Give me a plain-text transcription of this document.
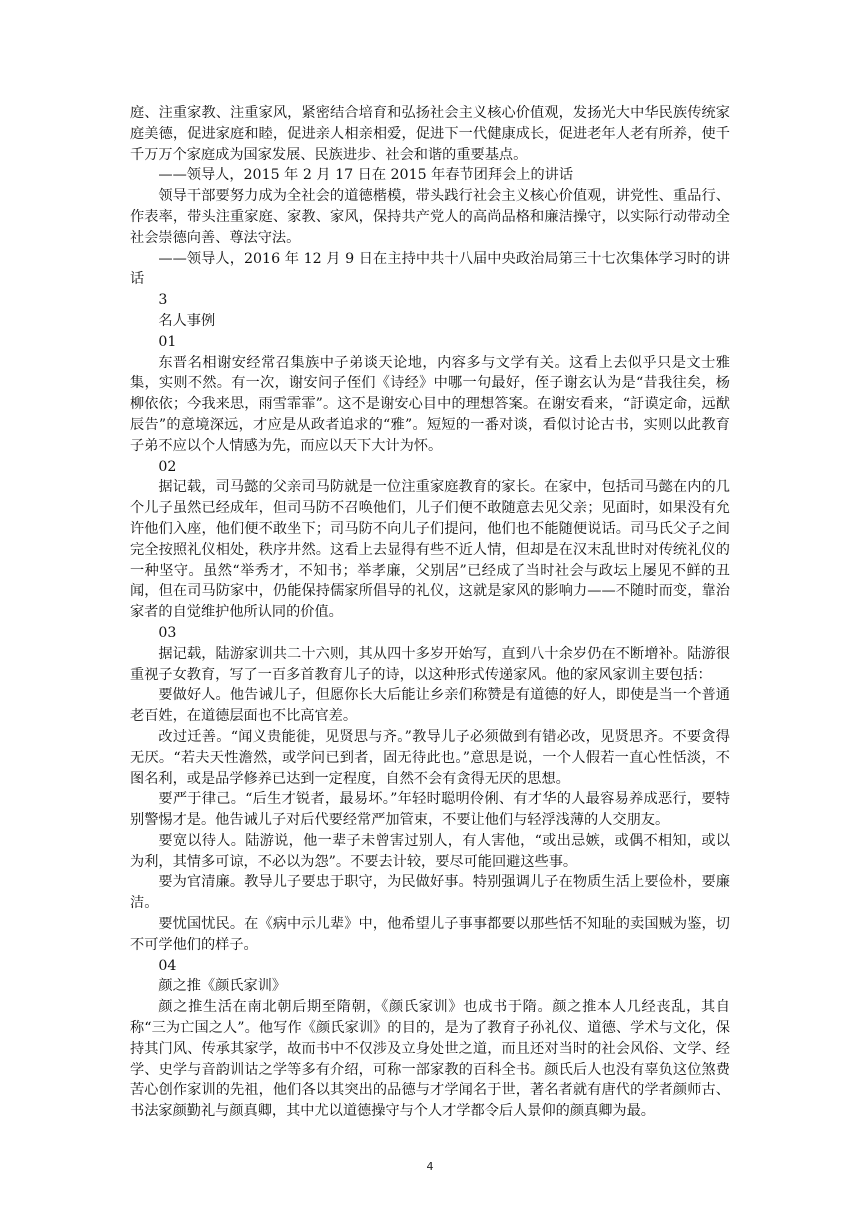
庭、注重家教、注重家风，紧密结合培育和弘扬社会主义核心价值观，发扬光大中华民族传统家庭美德，促进家庭和睦，促进亲人相亲相爱，促进下一代健康成长，促进老年人老有所养，使千千万万个家庭成为国家发展、民族进步、社会和谐的重要基点。

——领导人，2015 年 2 月 17 日在 2015 年春节团拜会上的讲话

领导干部要努力成为全社会的道德楷模，带头践行社会主义核心价值观，讲党性、重品行、作表率，带头注重家庭、家教、家风，保持共产党人的高尚品格和廉洁操守，以实际行动带动全社会崇德向善、尊法守法。

——领导人，2016 年 12 月 9 日在主持中共十八届中央政治局第三十七次集体学习时的讲话

3

名人事例

01

东晋名相谢安经常召集族中子弟谈天论地，内容多与文学有关。这看上去似乎只是文士雅集，实则不然。有一次，谢安问子侄们《诗经》中哪一句最好，侄子谢玄认为是“昔我往矣，杨柳依依；今我来思，雨雪霏霏”。这不是谢安心目中的理想答案。在谢安看来，“訏谟定命，远猷辰告”的意境深远，才应是从政者追求的“雅”。短短的一番对谈，看似讨论古书，实则以此教育子弟不应以个人情感为先，而应以天下大计为怀。

02

据记载，司马懿的父亲司马防就是一位注重家庭教育的家长。在家中，包括司马懿在内的几个儿子虽然已经成年，但司马防不召唤他们，儿子们便不敢随意去见父亲；见面时，如果没有允许他们入座，他们便不敢坐下；司马防不向儿子们提问，他们也不能随便说话。司马氏父子之间完全按照礼仪相处，秩序井然。这看上去显得有些不近人情，但却是在汉末乱世时对传统礼仪的一种坚守。虽然“举秀才，不知书；举孝廉，父别居”已经成了当时社会与政坛上屡见不鲜的丑闻，但在司马防家中，仍能保持儒家所倡导的礼仪，这就是家风的影响力——不随时而变，靠治家者的自觉维护他所认同的价值。

03

据记载，陆游家训共二十六则，其从四十多岁开始写，直到八十余岁仍在不断增补。陆游很重视子女教育，写了一百多首教育儿子的诗，以这种形式传递家风。他的家风家训主要包括：

要做好人。他告诫儿子，但愿你长大后能让乡亲们称赞是有道德的好人，即使是当一个普通老百姓，在道德层面也不比高官差。

改过迁善。“闻义贵能徙，见贤思与齐。”教导儿子必须做到有错必改，见贤思齐。不要贪得无厌。“若夫天性澹然，或学问已到者，固无待此也。”意思是说，一个人假若一直心性恬淡，不图名利，或是品学修养已达到一定程度，自然不会有贪得无厌的思想。

要严于律己。“后生才锐者，最易坏。”年轻时聪明伶俐、有才华的人最容易养成恶行，要特别警惕才是。他告诫儿子对后代要经常严加管束，不要让他们与轻浮浅薄的人交朋友。

要宽以待人。陆游说，他一辈子未曾害过别人，有人害他，“或出忌嫉，或偶不相知，或以为利，其情多可谅，不必以为怨”。不要去计较，要尽可能回避这些事。

要为官清廉。教导儿子要忠于职守，为民做好事。特别强调儿子在物质生活上要俭朴，要廉洁。

要忧国忧民。在《病中示儿辈》中，他希望儿子事事都要以那些恬不知耻的卖国贼为鉴，切不可学他们的样子。

04

颜之推《颜氏家训》

颜之推生活在南北朝后期至隋朝，《颜氏家训》也成书于隋。颜之推本人几经丧乱，其自称“三为亡国之人”。他写作《颜氏家训》的目的，是为了教育子孙礼仪、道德、学术与文化，保持其门风、传承其家学，故而书中不仅涉及立身处世之道，而且还对当时的社会风俗、文学、经学、史学与音韵训诂之学等多有介绍，可称一部家教的百科全书。颜氏后人也没有辜负这位煞费苦心创作家训的先祖，他们各以其突出的品德与才学闻名于世，著名者就有唐代的学者颜师古、书法家颜勤礼与颜真卿，其中尤以道德操守与个人才学都令后人景仰的颜真卿为最。

4
